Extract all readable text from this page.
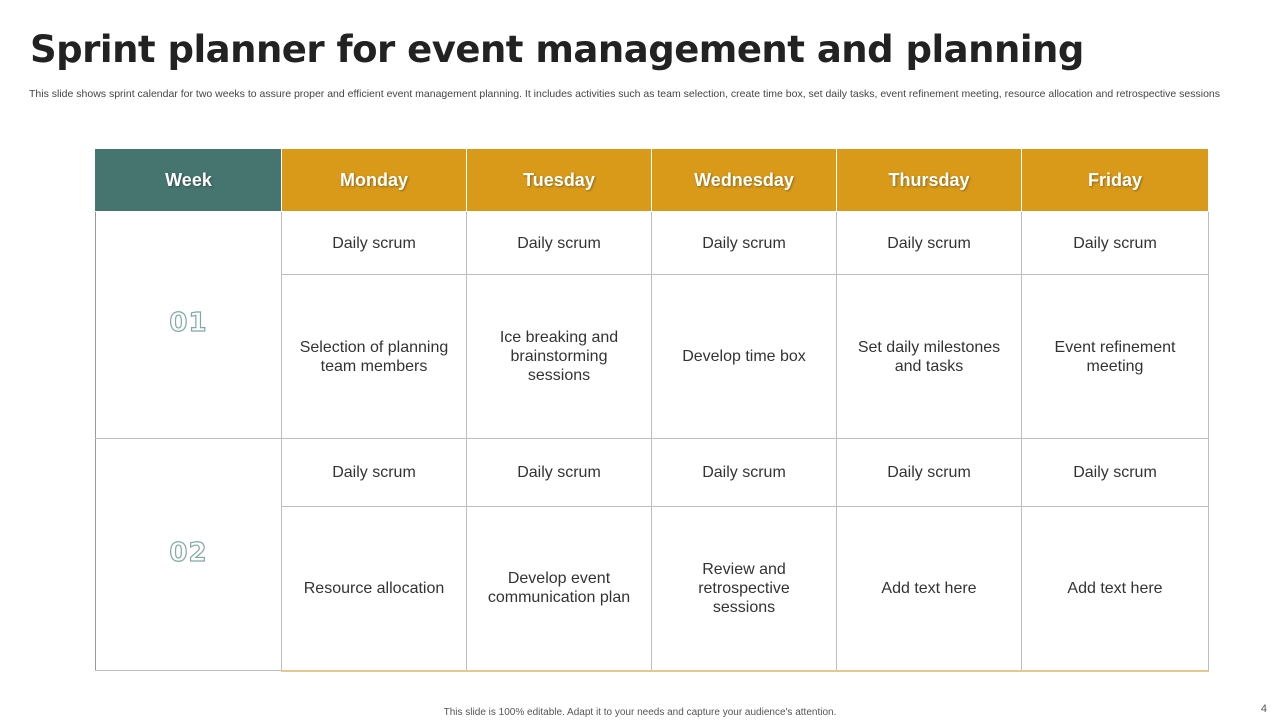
Sprint planner for event management and planning

This slide shows sprint calendar for two weeks to assure proper and efficient event management planning. It includes activities such as team selection, create time box, set daily tasks, event refinement meeting, resource allocation and retrospective sessions

Week	Monday	Tuesday	Wednesday	Thursday	Friday
01	Daily scrum	Daily scrum	Daily scrum	Daily scrum	Daily scrum
	Selection of planning team members	Ice breaking and brainstorming sessions	Develop time box	Set daily milestones and tasks	Event refinement meeting
02	Daily scrum	Daily scrum	Daily scrum	Daily scrum	Daily scrum
	Resource allocation	Develop event communication plan	Review and retrospective sessions	Add text here	Add text here
This slide is 100% editable. Adapt it to your needs and capture your audience's attention.	4
